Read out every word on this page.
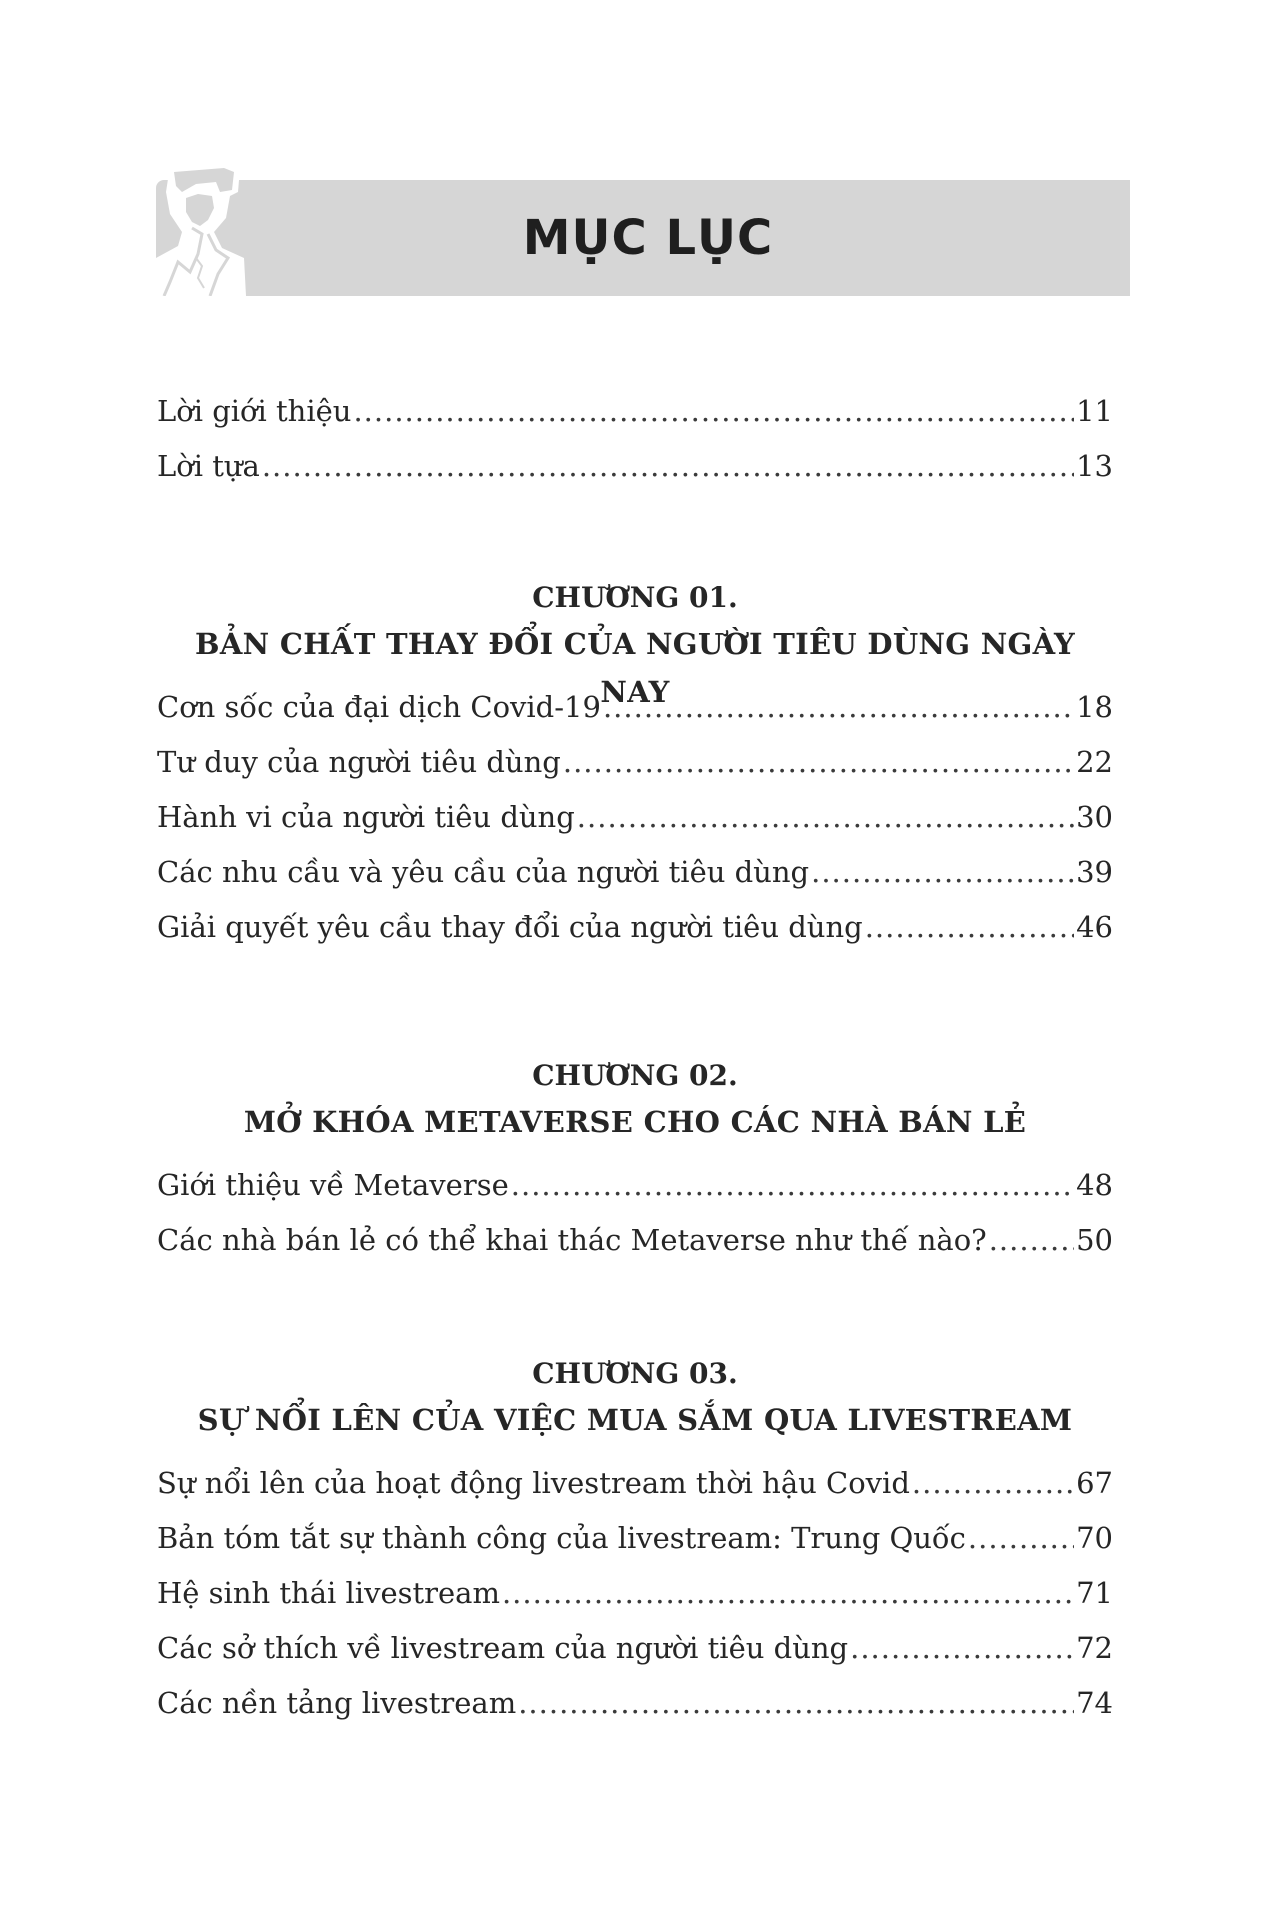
MỤC LỤC
Lời giới thiệu .....	11
Lời tựa .....	13
CHƯƠNG 01.
BẢN CHẤT THAY ĐỔI CỦA NGƯỜI TIÊU DÙNG NGÀY NAY
Cơn sốc của đại dịch Covid-19 .....	18
Tư duy của người tiêu dùng .....	22
Hành vi của người tiêu dùng .....	30
Các nhu cầu và yêu cầu của người tiêu dùng .....	39
Giải quyết yêu cầu thay đổi của người tiêu dùng .....	46
CHƯƠNG 02.
MỞ KHÓA METAVERSE CHO CÁC NHÀ BÁN LẺ
Giới thiệu về Metaverse .....	48
Các nhà bán lẻ có thể khai thác Metaverse như thế nào? .....	50
CHƯƠNG 03.
SỰ NỔI LÊN CỦA VIỆC MUA SẮM QUA LIVESTREAM
Sự nổi lên của hoạt động livestream thời hậu Covid .....	67
Bản tóm tắt sự thành công của livestream: Trung Quốc .....	70
Hệ sinh thái livestream .....	71
Các sở thích về livestream của người tiêu dùng .....	72
Các nền tảng livestream .....	74
